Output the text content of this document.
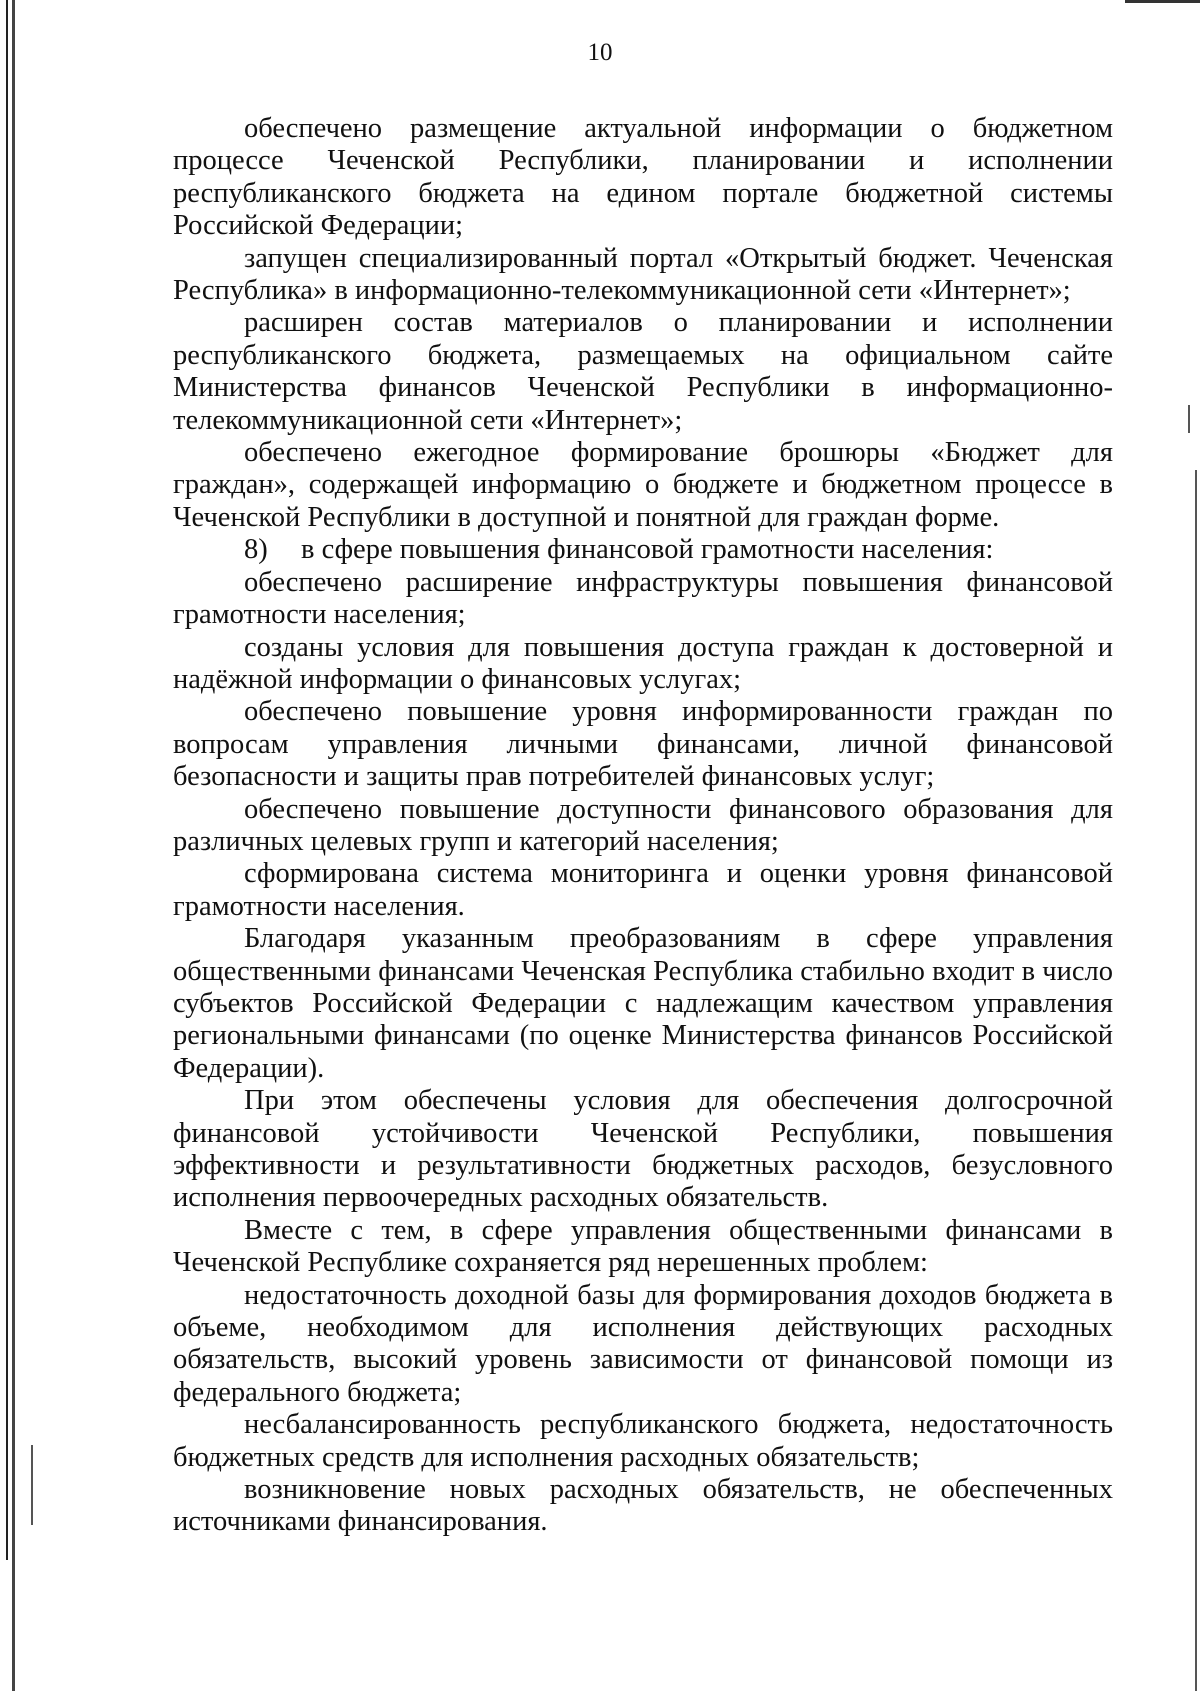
10

обеспечено размещение актуальной информации о бюджетном процессе Чеченской Республики, планировании и исполнении республиканского бюджета на едином портале бюджетной системы Российской Федерации;

запущен специализированный портал «Открытый бюджет. Чеченская Республика» в информационно-телекоммуникационной сети «Интернет»;

расширен состав материалов о планировании и исполнении республиканского бюджета, размещаемых на официальном сайте Министерства финансов Чеченской Республики в информационно-телекоммуникационной сети «Интернет»;

обеспечено ежегодное формирование брошюры «Бюджет для граждан», содержащей информацию о бюджете и бюджетном процессе в Чеченской Республики в доступной и понятной для граждан форме.

8) в сфере повышения финансовой грамотности населения:

обеспечено расширение инфраструктуры повышения финансовой грамотности населения;

созданы условия для повышения доступа граждан к достоверной и надёжной информации о финансовых услугах;

обеспечено повышение уровня информированности граждан по вопросам управления личными финансами, личной финансовой безопасности и защиты прав потребителей финансовых услуг;

обеспечено повышение доступности финансового образования для различных целевых групп и категорий населения;

сформирована система мониторинга и оценки уровня финансовой грамотности населения.

Благодаря указанным преобразованиям в сфере управления общественными финансами Чеченская Республика стабильно входит в число субъектов Российской Федерации с надлежащим качеством управления региональными финансами (по оценке Министерства финансов Российской Федерации).

При этом обеспечены условия для обеспечения долгосрочной финансовой устойчивости Чеченской Республики, повышения эффективности и результативности бюджетных расходов, безусловного исполнения первоочередных расходных обязательств.

Вместе с тем, в сфере управления общественными финансами в Чеченской Республике сохраняется ряд нерешенных проблем:

недостаточность доходной базы для формирования доходов бюджета в объеме, необходимом для исполнения действующих расходных обязательств, высокий уровень зависимости от финансовой помощи из федерального бюджета;

несбалансированность республиканского бюджета, недостаточность бюджетных средств для исполнения расходных обязательств;

возникновение новых расходных обязательств, не обеспеченных источниками финансирования.
